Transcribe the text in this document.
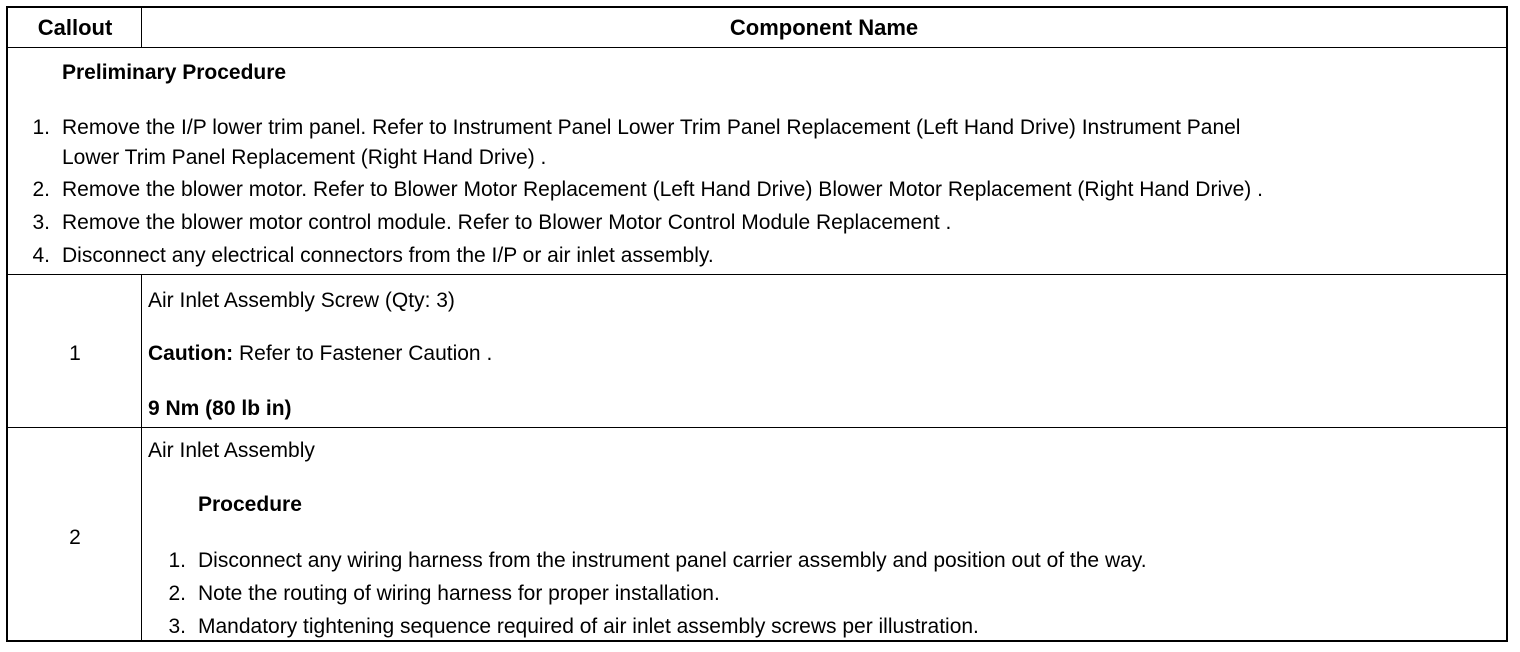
Callout	Component Name
Preliminary Procedure
1. Remove the I/P lower trim panel. Refer to Instrument Panel Lower Trim Panel Replacement (Left Hand Drive) Instrument Panel
Lower Trim Panel Replacement (Right Hand Drive) .
2. Remove the blower motor. Refer to Blower Motor Replacement (Left Hand Drive) Blower Motor Replacement (Right Hand Drive) .
3. Remove the blower motor control module. Refer to Blower Motor Control Module Replacement .
4. Disconnect any electrical connectors from the I/P or air inlet assembly.
1
Air Inlet Assembly Screw (Qty: 3)
Caution: Refer to Fastener Caution .
9 Nm (80 lb in)
2
Air Inlet Assembly
Procedure
1. Disconnect any wiring harness from the instrument panel carrier assembly and position out of the way.
2. Note the routing of wiring harness for proper installation.
3. Mandatory tightening sequence required of air inlet assembly screws per illustration.
